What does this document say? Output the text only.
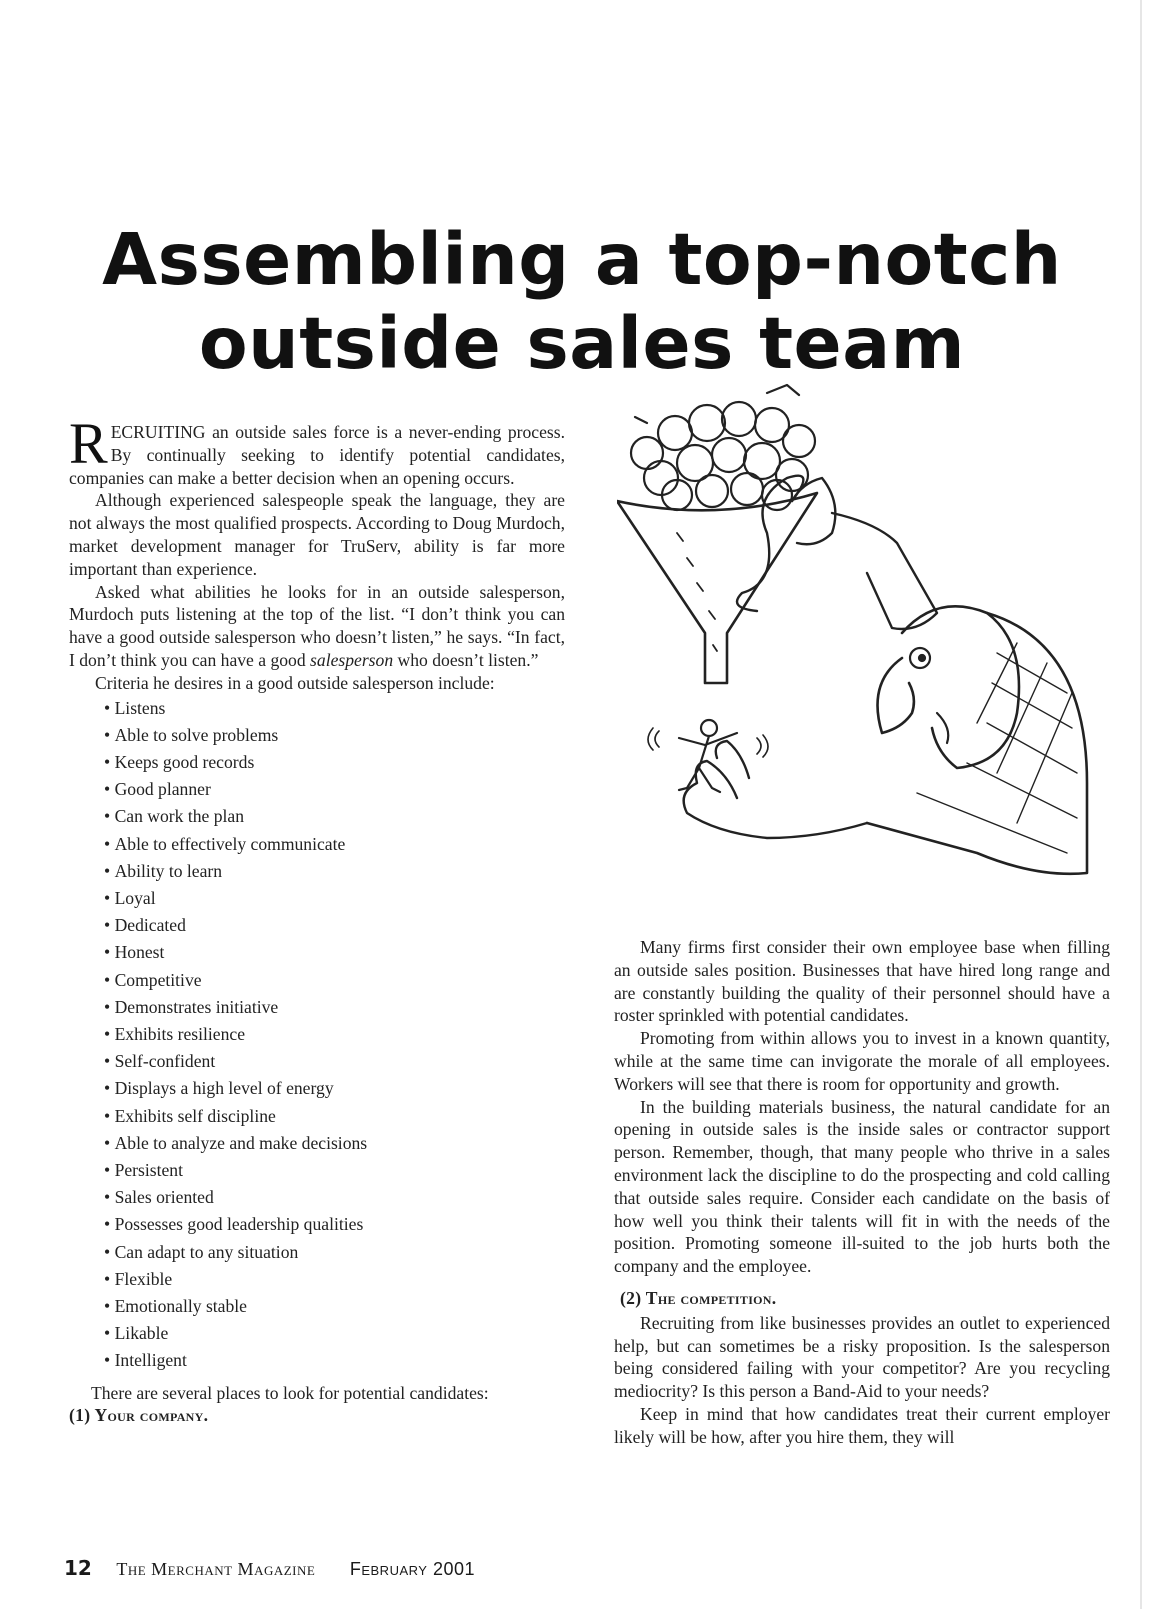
Assembling a top-notch
outside sales team

RECRUITING an outside sales force is a never-ending process. By continually seeking to identify potential candidates, companies can make a better decision when an opening occurs.

Although experienced salespeople speak the language, they are not always the most qualified prospects. According to Doug Murdoch, market development manager for TruServ, ability is far more important than experience.

Asked what abilities he looks for in an outside salesperson, Murdoch puts listening at the top of the list. “I don’t think you can have a good outside salesperson who doesn’t listen,” he says. “In fact, I don’t think you can have a good salesperson who doesn’t listen.”

Criteria he desires in a good outside salesperson include:

• Listens
• Able to solve problems
• Keeps good records
• Good planner
• Can work the plan
• Able to effectively communicate
• Ability to learn
• Loyal
• Dedicated
• Honest
• Competitive
• Demonstrates initiative
• Exhibits resilience
• Self-confident
• Displays a high level of energy
• Exhibits self discipline
• Able to analyze and make decisions
• Persistent
• Sales oriented
• Possesses good leadership qualities
• Can adapt to any situation
• Flexible
• Emotionally stable
• Likable
• Intelligent

There are several places to look for potential candidates:

(1) Your company.

Many firms first consider their own employee base when filling an outside sales position. Businesses that have hired long range and are constantly building the quality of their personnel should have a roster sprinkled with potential candidates.

Promoting from within allows you to invest in a known quantity, while at the same time can invigorate the morale of all employees. Workers will see that there is room for opportunity and growth.

In the building materials business, the natural candidate for an opening in outside sales is the inside sales or contractor support person. Remember, though, that many people who thrive in a sales environment lack the discipline to do the prospecting and cold calling that outside sales require. Consider each candidate on the basis of how well you think their talents will fit in with the needs of the position. Promoting someone ill-suited to the job hurts both the company and the employee.

(2) The competition.

Recruiting from like businesses provides an outlet to experienced help, but can sometimes be a risky proposition. Is the salesperson being considered failing with your competitor? Are you recycling mediocrity? Is this person a Band-Aid to your needs?

Keep in mind that how candidates treat their current employer likely will be how, after you hire them, they will

12 The Merchant Magazine February 2001
